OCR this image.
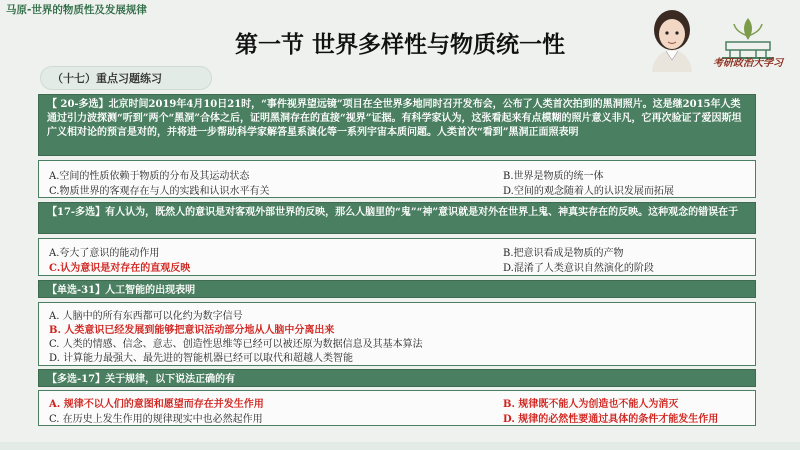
马原-世界的物质性及发展规律
第一节 世界多样性与物质统一性
考研政治大学习
（十七）重点习题练习
【 20-多选】北京时间2019年4月10日21时，“事件视界望远镜”项目在全世界多地同时召开发布会，公布了人类首次拍到的黑洞照片。这是继2015年人类通过引力波探测“听到”两个“黑洞”合体之后，证明黑洞存在的直接“视界”证据。有科学家认为，这张看起来有点模糊的照片意义非凡，它再次验证了爱因斯坦广义相对论的预言是对的，并将进一步帮助科学家解答星系演化等一系列宇宙本质问题。人类首次“看到”黑洞正面照表明
A.空间的性质依赖于物质的分布及其运动状态	B.世界是物质的统一体
C.物质世界的客观存在与人的实践和认识水平有关	D.空间的观念随着人的认识发展而拓展
【17-多选】有人认为，既然人的意识是对客观外部世界的反映，那么人脑里的“鬼”“神”意识就是对外在世界上鬼、神真实存在的反映。这种观念的错误在于
A.夸大了意识的能动作用	B.把意识看成是物质的产物
C.认为意识是对存在的直观反映	D.混淆了人类意识自然演化的阶段
【单选-31】人工智能的出现表明
A. 人脑中的所有东西都可以化约为数字信号
B. 人类意识已经发展到能够把意识活动部分地从人脑中分离出来
C. 人类的情感、信念、意志、创造性思维等已经可以被还原为数据信息及其基本算法
D. 计算能力最强大、最先进的智能机器已经可以取代和超越人类智能
【多选-17】关于规律，以下说法正确的有
A. 规律不以人们的意图和愿望而存在并发生作用	B. 规律既不能人为创造也不能人为消灭
C. 在历史上发生作用的规律现实中也必然起作用	D. 规律的必然性要通过具体的条件才能发生作用
